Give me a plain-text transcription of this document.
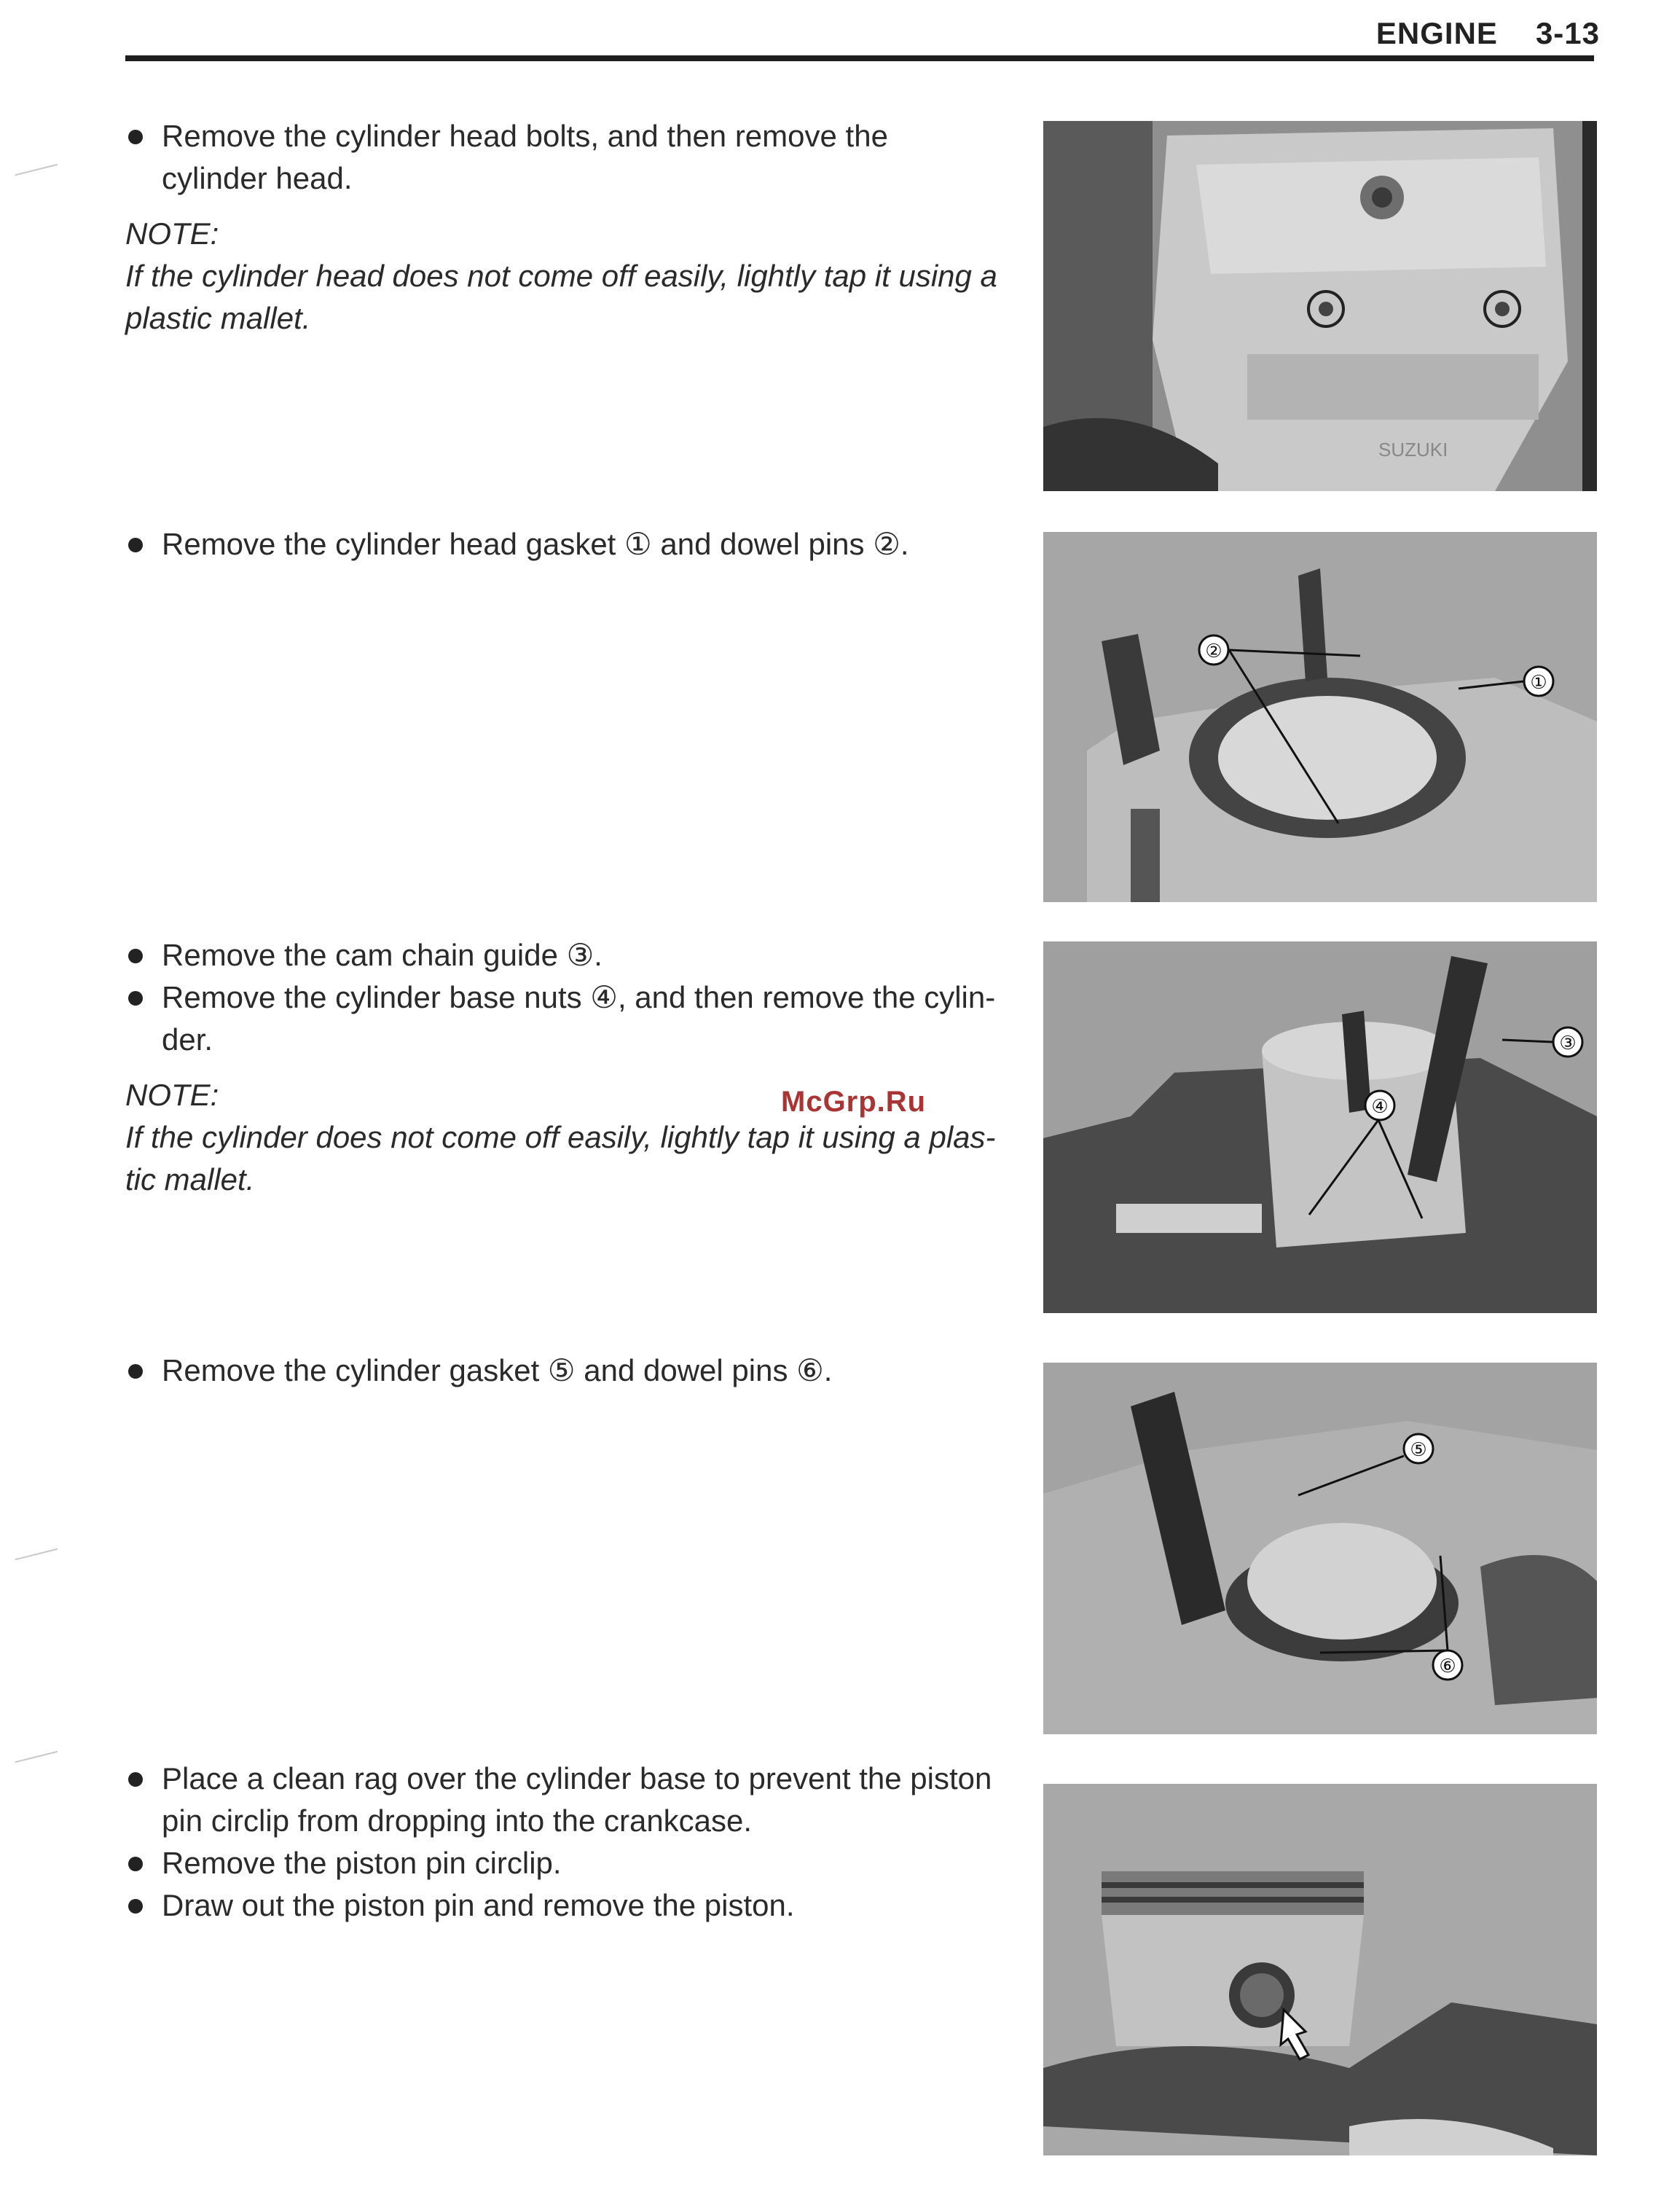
ENGINE 3-13
Remove the cylinder head bolts, and then remove the cylinder head.
NOTE:
If the cylinder head does not come off easily, lightly tap it using a plastic mallet.
Remove the cylinder head gasket ① and dowel pins ②.
Remove the cam chain guide ③.
Remove the cylinder base nuts ④, and then remove the cylin-der.
NOTE:
If the cylinder does not come off easily, lightly tap it using a plas-tic mallet.
Remove the cylinder gasket ⑤ and dowel pins ⑥.
Place a clean rag over the cylinder base to prevent the piston pin circlip from dropping into the crankcase.
Remove the piston pin circlip.
Draw out the piston pin and remove the piston.
McGrp.Ru
SUZUKI
②
①
③
④
⑤
⑥
